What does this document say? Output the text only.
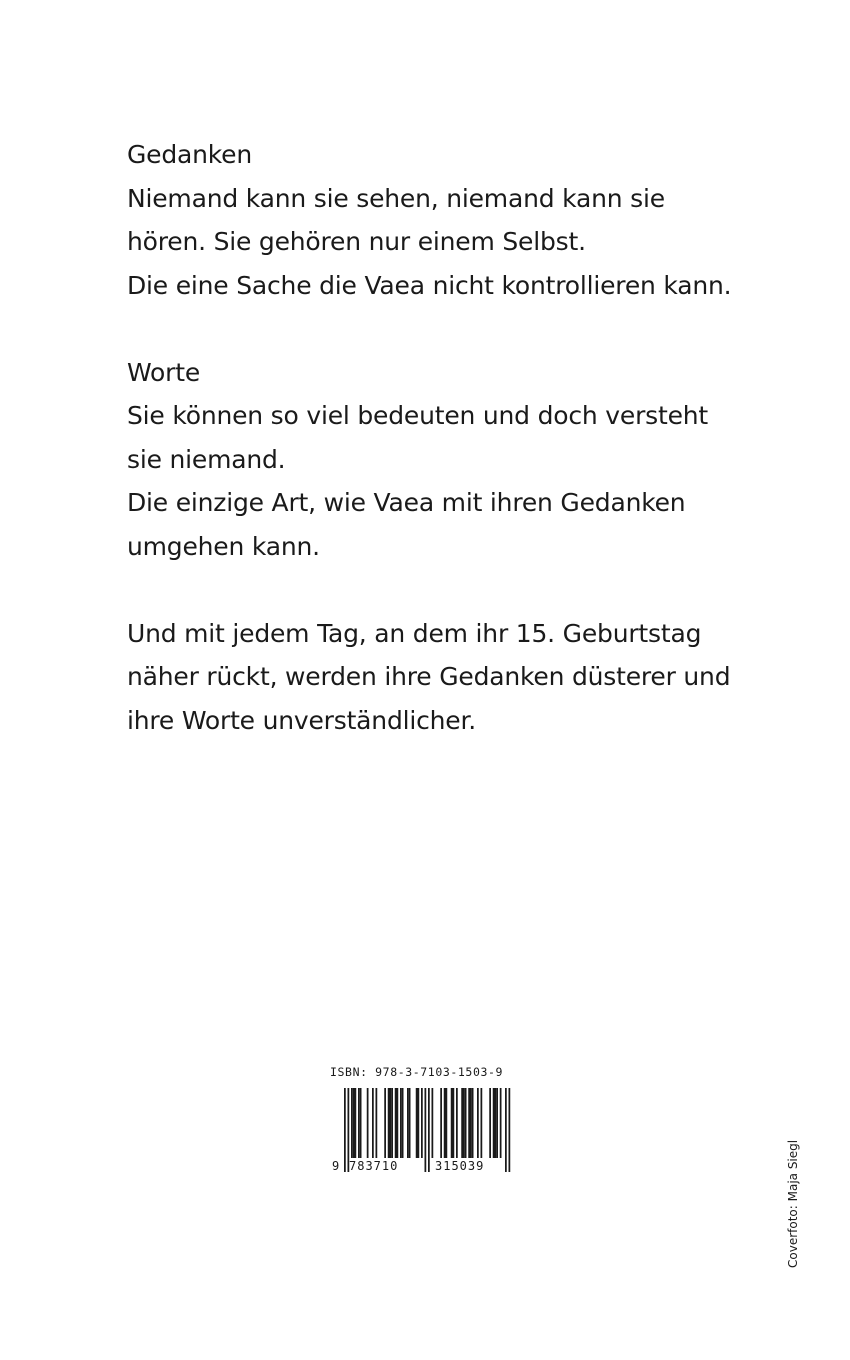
Gedanken
Niemand kann sie sehen, niemand kann sie
hören. Sie gehören nur einem Selbst.
Die eine Sache die Vaea nicht kontrollieren kann.

Worte
Sie können so viel bedeuten und doch versteht
sie niemand.
Die einzige Art, wie Vaea mit ihren Gedanken
umgehen kann.

Und mit jedem Tag, an dem ihr 15. Geburtstag
näher rückt, werden ihre Gedanken düsterer und
ihre Worte unverständlicher.

ISBN: 978-3-7103-1503-9
9 783710	315039	Coverfoto: Maja Siegl
